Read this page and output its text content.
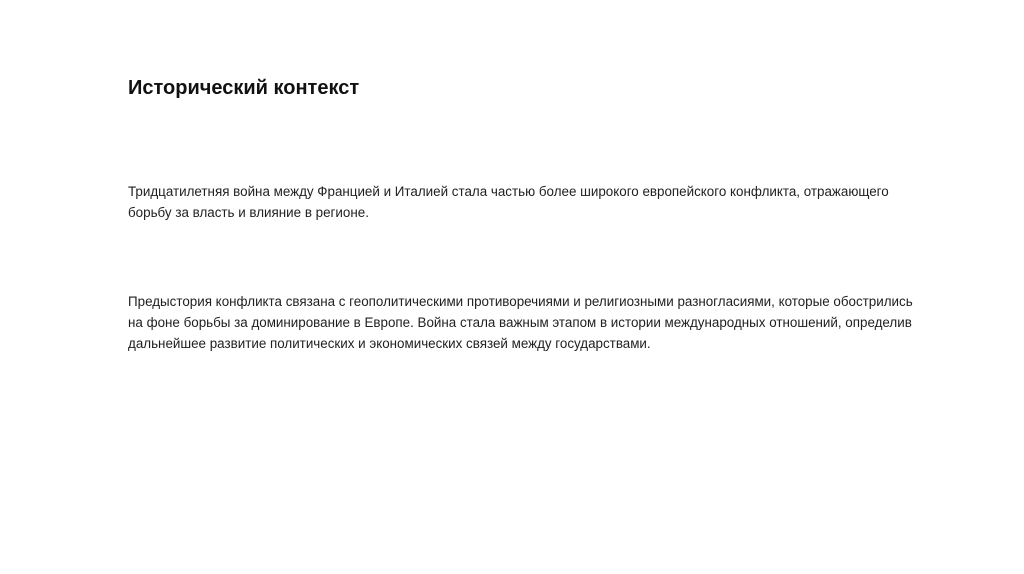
Исторический контекст

Тридцатилетняя война между Францией и Италией стала частью более широкого европейского конфликта, отражающего
борьбу за власть и влияние в регионе.

Предыстория конфликта связана с геополитическими противоречиями и религиозными разногласиями, которые обострились
на фоне борьбы за доминирование в Европе. Война стала важным этапом в истории международных отношений, определив
дальнейшее развитие политических и экономических связей между государствами.
